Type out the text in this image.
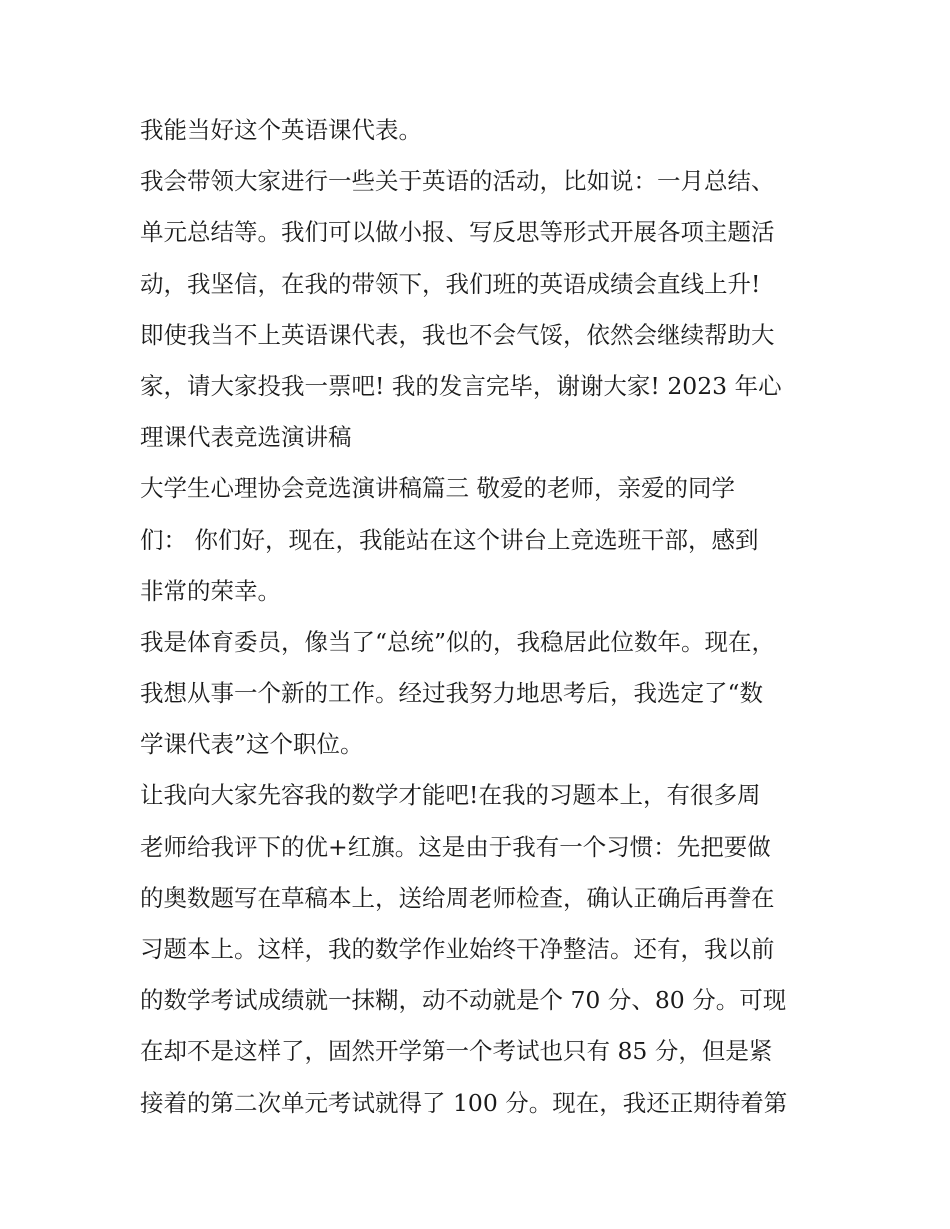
我能当好这个英语课代表。
我会带领大家进行一些关于英语的活动，比如说：一月总结、
单元总结等。我们可以做小报、写反思等形式开展各项主题活
动，我坚信，在我的带领下，我们班的英语成绩会直线上升!
即使我当不上英语课代表，我也不会气馁，依然会继续帮助大
家，请大家投我一票吧! 我的发言完毕，谢谢大家! 2023 年心
理课代表竞选演讲稿
大学生心理协会竞选演讲稿篇三 敬爱的老师，亲爱的同学
们： 你们好，现在，我能站在这个讲台上竞选班干部，感到
非常的荣幸。
我是体育委员，像当了“总统”似的，我稳居此位数年。现在，
我想从事一个新的工作。经过我努力地思考后，我选定了“数
学课代表”这个职位。
让我向大家先容我的数学才能吧!在我的习题本上，有很多周
老师给我评下的优+红旗。这是由于我有一个习惯：先把要做
的奥数题写在草稿本上，送给周老师检查，确认正确后再誊在
习题本上。这样，我的数学作业始终干净整洁。还有，我以前
的数学考试成绩就一抹糊，动不动就是个 70 分、80 分。可现
在却不是这样了，固然开学第一个考试也只有 85 分，但是紧
接着的第二次单元考试就得了 100 分。现在，我还正期待着第
